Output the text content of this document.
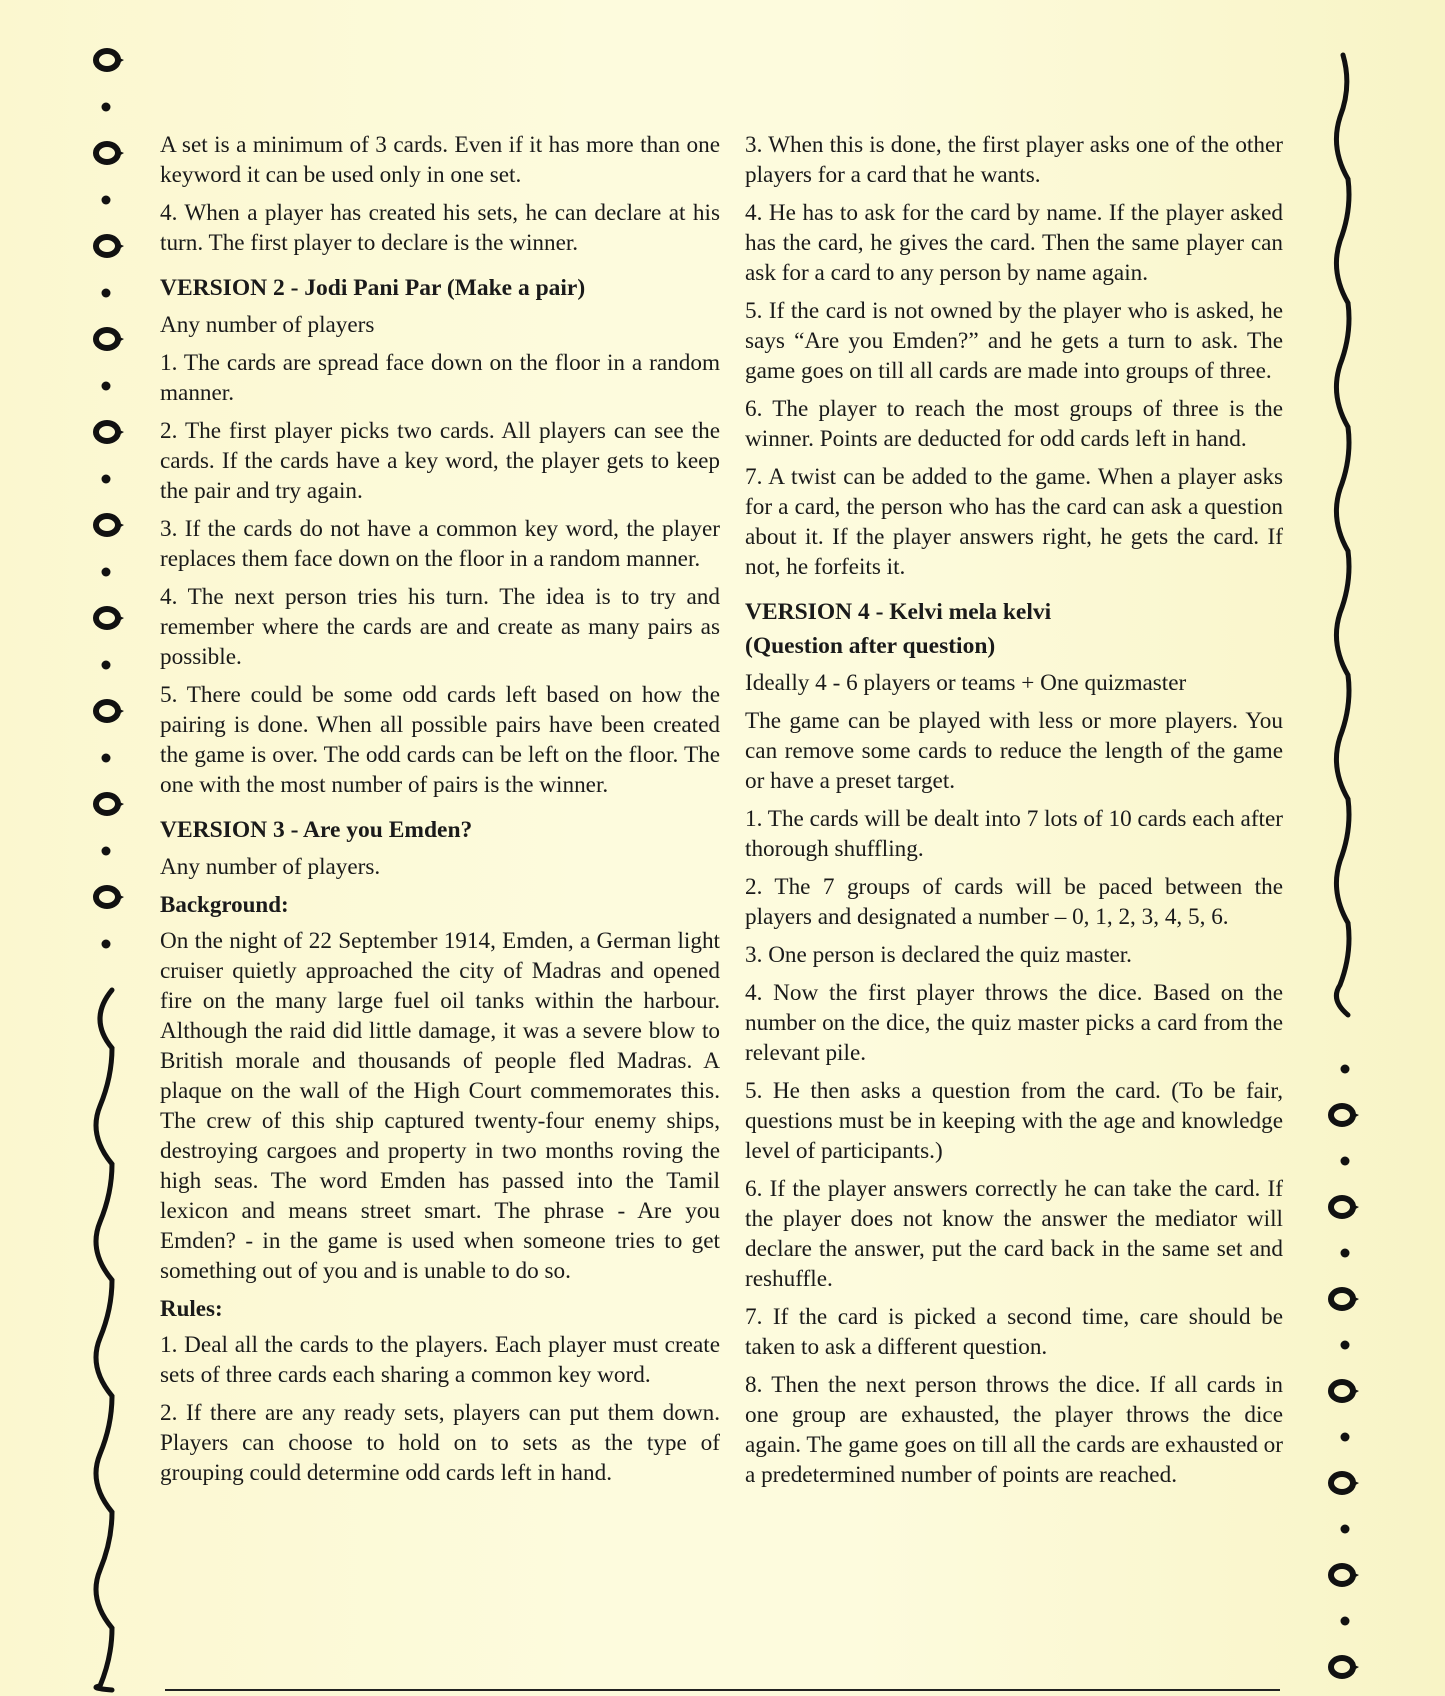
A set is a minimum of 3 cards. Even if it has more than one keyword it can be used only in one set.

4. When a player has created his sets, he can declare at his turn. The first player to declare is the winner.

VERSION 2 - Jodi Pani Par (Make a pair)

Any number of players

1. The cards are spread face down on the floor in a random manner.

2. The first player picks two cards. All players can see the cards. If the cards have a key word, the player gets to keep the pair and try again.

3. If the cards do not have a common key word, the player replaces them face down on the floor in a random manner.

4. The next person tries his turn. The idea is to try and remember where the cards are and create as many pairs as possible.

5. There could be some odd cards left based on how the pairing is done. When all possible pairs have been created the game is over. The odd cards can be left on the floor. The one with the most number of pairs is the winner.

VERSION 3 - Are you Emden?

Any number of players.

Background:

On the night of 22 September 1914, Emden, a German light cruiser quietly approached the city of Madras and opened fire on the many large fuel oil tanks within the harbour. Although the raid did little damage, it was a severe blow to British morale and thousands of people fled Madras. A plaque on the wall of the High Court commemorates this. The crew of this ship captured twenty-four enemy ships, destroying cargoes and property in two months roving the high seas. The word Emden has passed into the Tamil lexicon and means street smart. The phrase - Are you Emden? - in the game is used when someone tries to get something out of you and is unable to do so.

Rules:

1. Deal all the cards to the players. Each player must create sets of three cards each sharing a common key word.

2. If there are any ready sets, players can put them down. Players can choose to hold on to sets as the type of grouping could determine odd cards left in hand.

3. When this is done, the first player asks one of the other players for a card that he wants.

4. He has to ask for the card by name. If the player asked has the card, he gives the card. Then the same player can ask for a card to any person by name again.

5. If the card is not owned by the player who is asked, he says “Are you Emden?” and he gets a turn to ask. The game goes on till all cards are made into groups of three.

6. The player to reach the most groups of three is the winner. Points are deducted for odd cards left in hand.

7. A twist can be added to the game. When a player asks for a card, the person who has the card can ask a question about it. If the player answers right, he gets the card. If not, he forfeits it.

VERSION 4 - Kelvi mela kelvi
(Question after question)

Ideally 4 - 6 players or teams + One quizmaster

The game can be played with less or more players. You can remove some cards to reduce the length of the game or have a preset target.

1. The cards will be dealt into 7 lots of 10 cards each after thorough shuffling.

2. The 7 groups of cards will be paced between the players and designated a number – 0, 1, 2, 3, 4, 5, 6.

3. One person is declared the quiz master.

4. Now the first player throws the dice. Based on the number on the dice, the quiz master picks a card from the relevant pile.

5. He then asks a question from the card. (To be fair, questions must be in keeping with the age and knowledge level of participants.)

6. If the player answers correctly he can take the card. If the player does not know the answer the mediator will declare the answer, put the card back in the same set and reshuffle.

7. If the card is picked a second time, care should be taken to ask a different question.

8. Then the next person throws the dice. If all cards in one group are exhausted, the player throws the dice again. The game goes on till all the cards are exhausted or a predetermined number of points are reached.
